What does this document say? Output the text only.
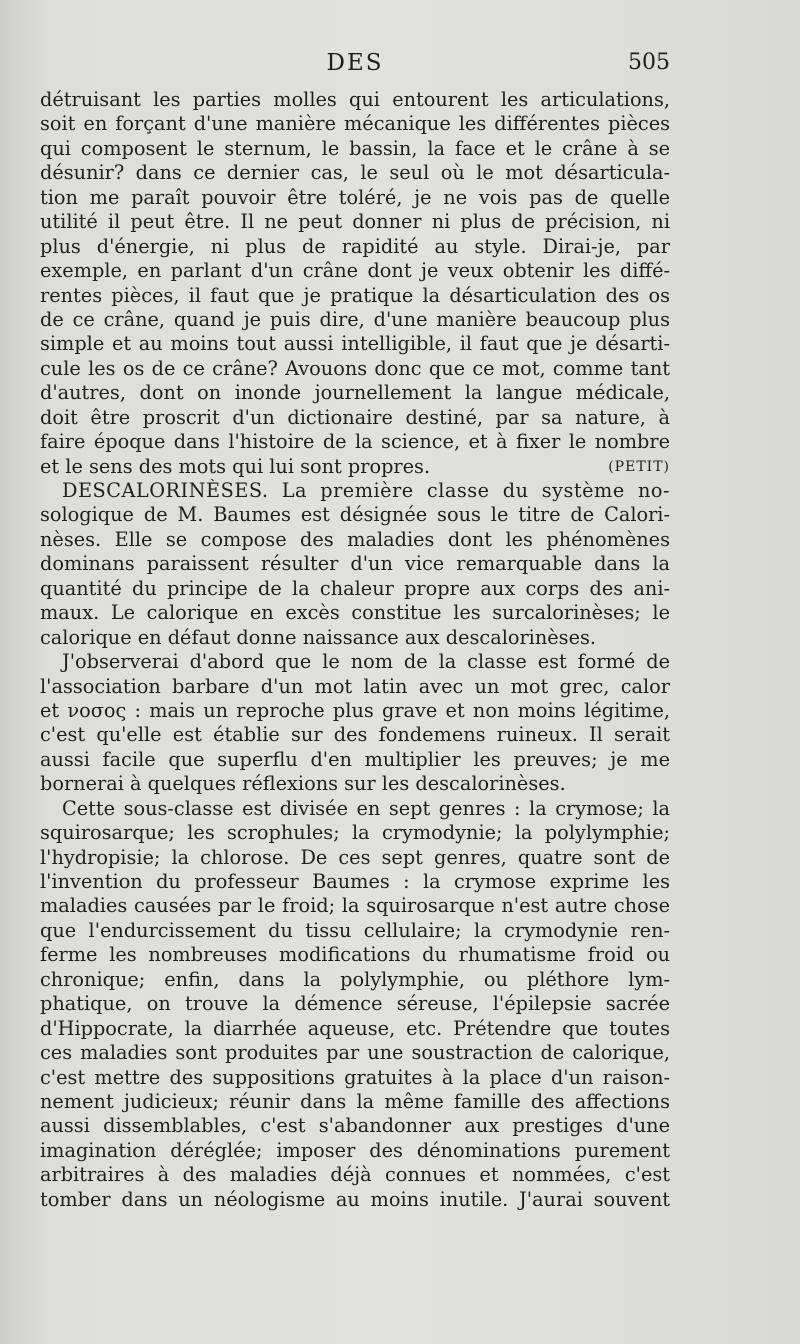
DES	505
détruisant les parties molles qui entourent les articulations,
soit en forçant d'une manière mécanique les différentes pièces
qui composent le sternum, le bassin, la face et le crâne à se
désunir? dans ce dernier cas, le seul où le mot désarticula-
tion me paraît pouvoir être toléré, je ne vois pas de quelle
utilité il peut être. Il ne peut donner ni plus de précision, ni
plus d'énergie, ni plus de rapidité au style. Dirai-je, par
exemple, en parlant d'un crâne dont je veux obtenir les diffé-
rentes pièces, il faut que je pratique la désarticulation des os
de ce crâne, quand je puis dire, d'une manière beaucoup plus
simple et au moins tout aussi intelligible, il faut que je désarti-
cule les os de ce crâne? Avouons donc que ce mot, comme tant
d'autres, dont on inonde journellement la langue médicale,
doit être proscrit d'un dictionaire destiné, par sa nature, à
faire époque dans l'histoire de la science, et à fixer le nombre
et le sens des mots qui lui sont propres.	(PETIT)
DESCALORINÈSES. La première classe du système no-
sologique de M. Baumes est désignée sous le titre de Calori-
nèses. Elle se compose des maladies dont les phénomènes
dominans paraissent résulter d'un vice remarquable dans la
quantité du principe de la chaleur propre aux corps des ani-
maux. Le calorique en excès constitue les surcalorinèses; le
calorique en défaut donne naissance aux descalorinèses.
J'observerai d'abord que le nom de la classe est formé de
l'association barbare d'un mot latin avec un mot grec, calor
et νοσος : mais un reproche plus grave et non moins légitime,
c'est qu'elle est établie sur des fondemens ruineux. Il serait
aussi facile que superflu d'en multiplier les preuves; je me
bornerai à quelques réflexions sur les descalorinèses.
Cette sous-classe est divisée en sept genres : la crymose; la
squirosarque; les scrophules; la crymodynie; la polylymphie;
l'hydropisie; la chlorose. De ces sept genres, quatre sont de
l'invention du professeur Baumes : la crymose exprime les
maladies causées par le froid; la squirosarque n'est autre chose
que l'endurcissement du tissu cellulaire; la crymodynie ren-
ferme les nombreuses modifications du rhumatisme froid ou
chronique; enfin, dans la polylymphie, ou pléthore lym-
phatique, on trouve la démence séreuse, l'épilepsie sacrée
d'Hippocrate, la diarrhée aqueuse, etc. Prétendre que toutes
ces maladies sont produites par une soustraction de calorique,
c'est mettre des suppositions gratuites à la place d'un raison-
nement judicieux; réunir dans la même famille des affections
aussi dissemblables, c'est s'abandonner aux prestiges d'une
imagination déréglée; imposer des dénominations purement
arbitraires à des maladies déjà connues et nommées, c'est
tomber dans un néologisme au moins inutile. J'aurai souvent
